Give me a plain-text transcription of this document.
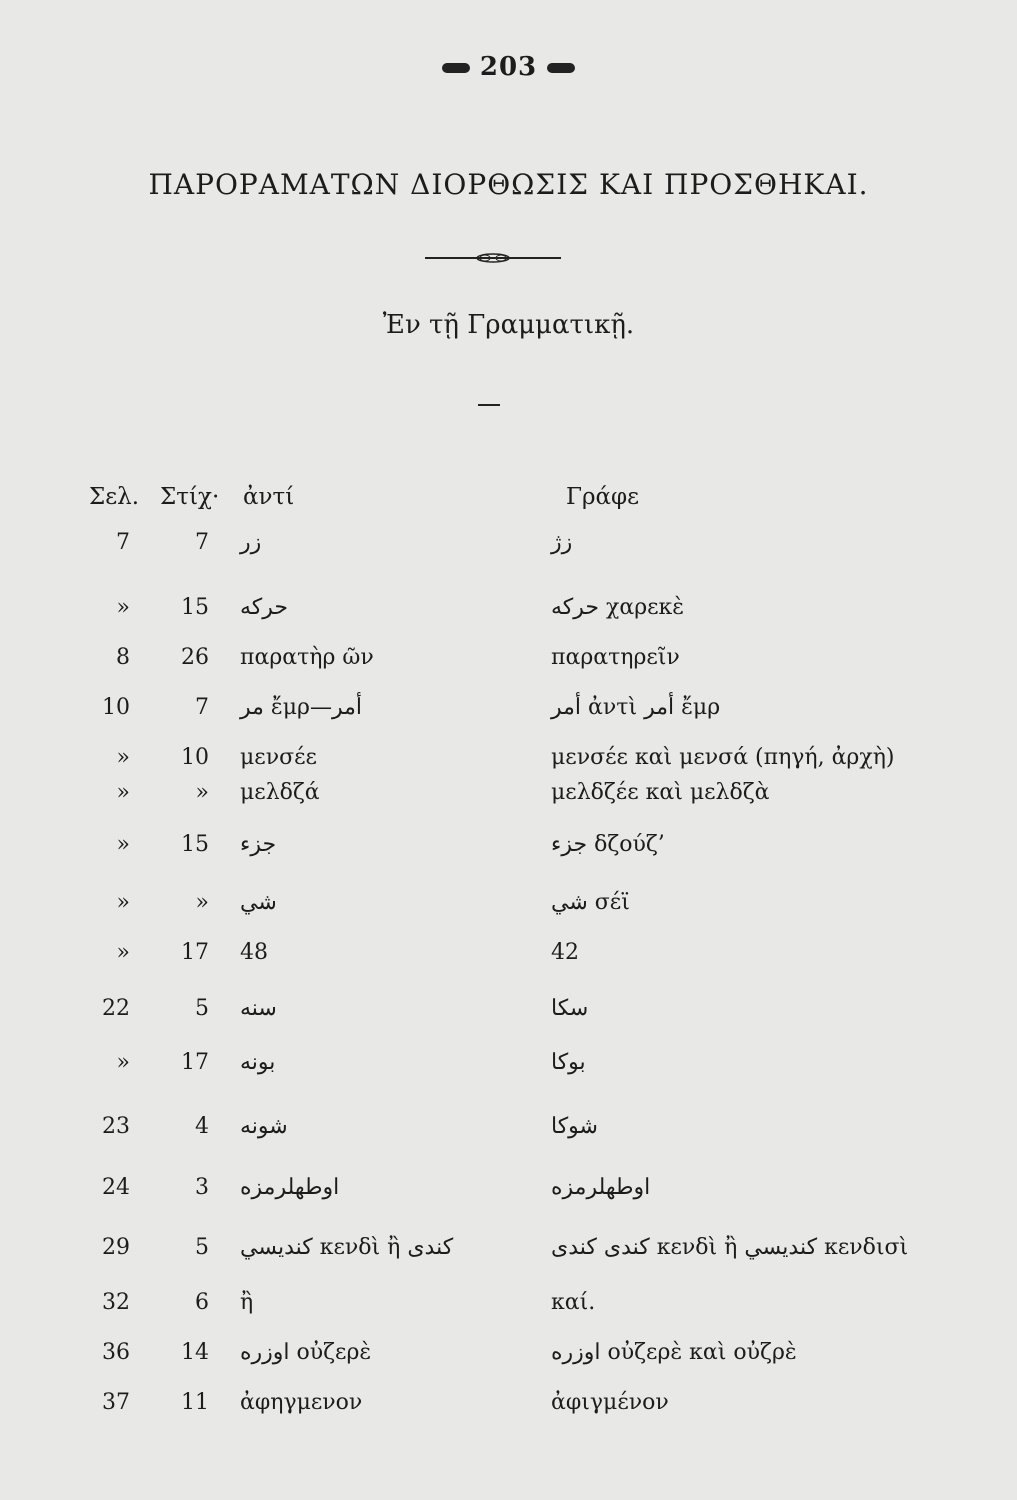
203
ΠΑΡΟΡΑΜΑΤΩΝ ΔΙΟΡΘΩΣΙΣ ΚΑΙ ΠΡΟΣΘΗΚΑΙ.
Ἐν τῇ Γραμματικῇ.
Σελ. Στίχ· ἀντί	Γράφε
7	7 زر	زژ
» 15 حركه	حركه χαρεκὲ
8 26 παρατὴρ ῶν	παρατηρεῖν
10	7 مر ἔμρ—أمر	أمر ἀντὶ أمر ἔμρ
» 10 μενσέε	μενσέε καὶ μενσά (πηγή, ἀρχὴ)
»	» μελδζά	μελδζέε καὶ μελδζὰ
» 15 جزء	جزء δζούζ’
»	» شي	شي σέϊ
» 17 48	42
22	5 سنه	سكا
» 17 بونه	بوكا
23	4 شونه	شوكا
24	3 اوطهلرمزه	اوطهلرمزه
29	5 كنديسي κενδὶ ἢ كندى	كندى كندى κενδὶ ἢ كنديسي κενδισὶ
32	6 ἢ	καί.
36 14 اوزره οὐζερὲ	اوزره οὐζερὲ καὶ οὐζρὲ
37 11 ἀφηγμενον	ἀφιγμένον
